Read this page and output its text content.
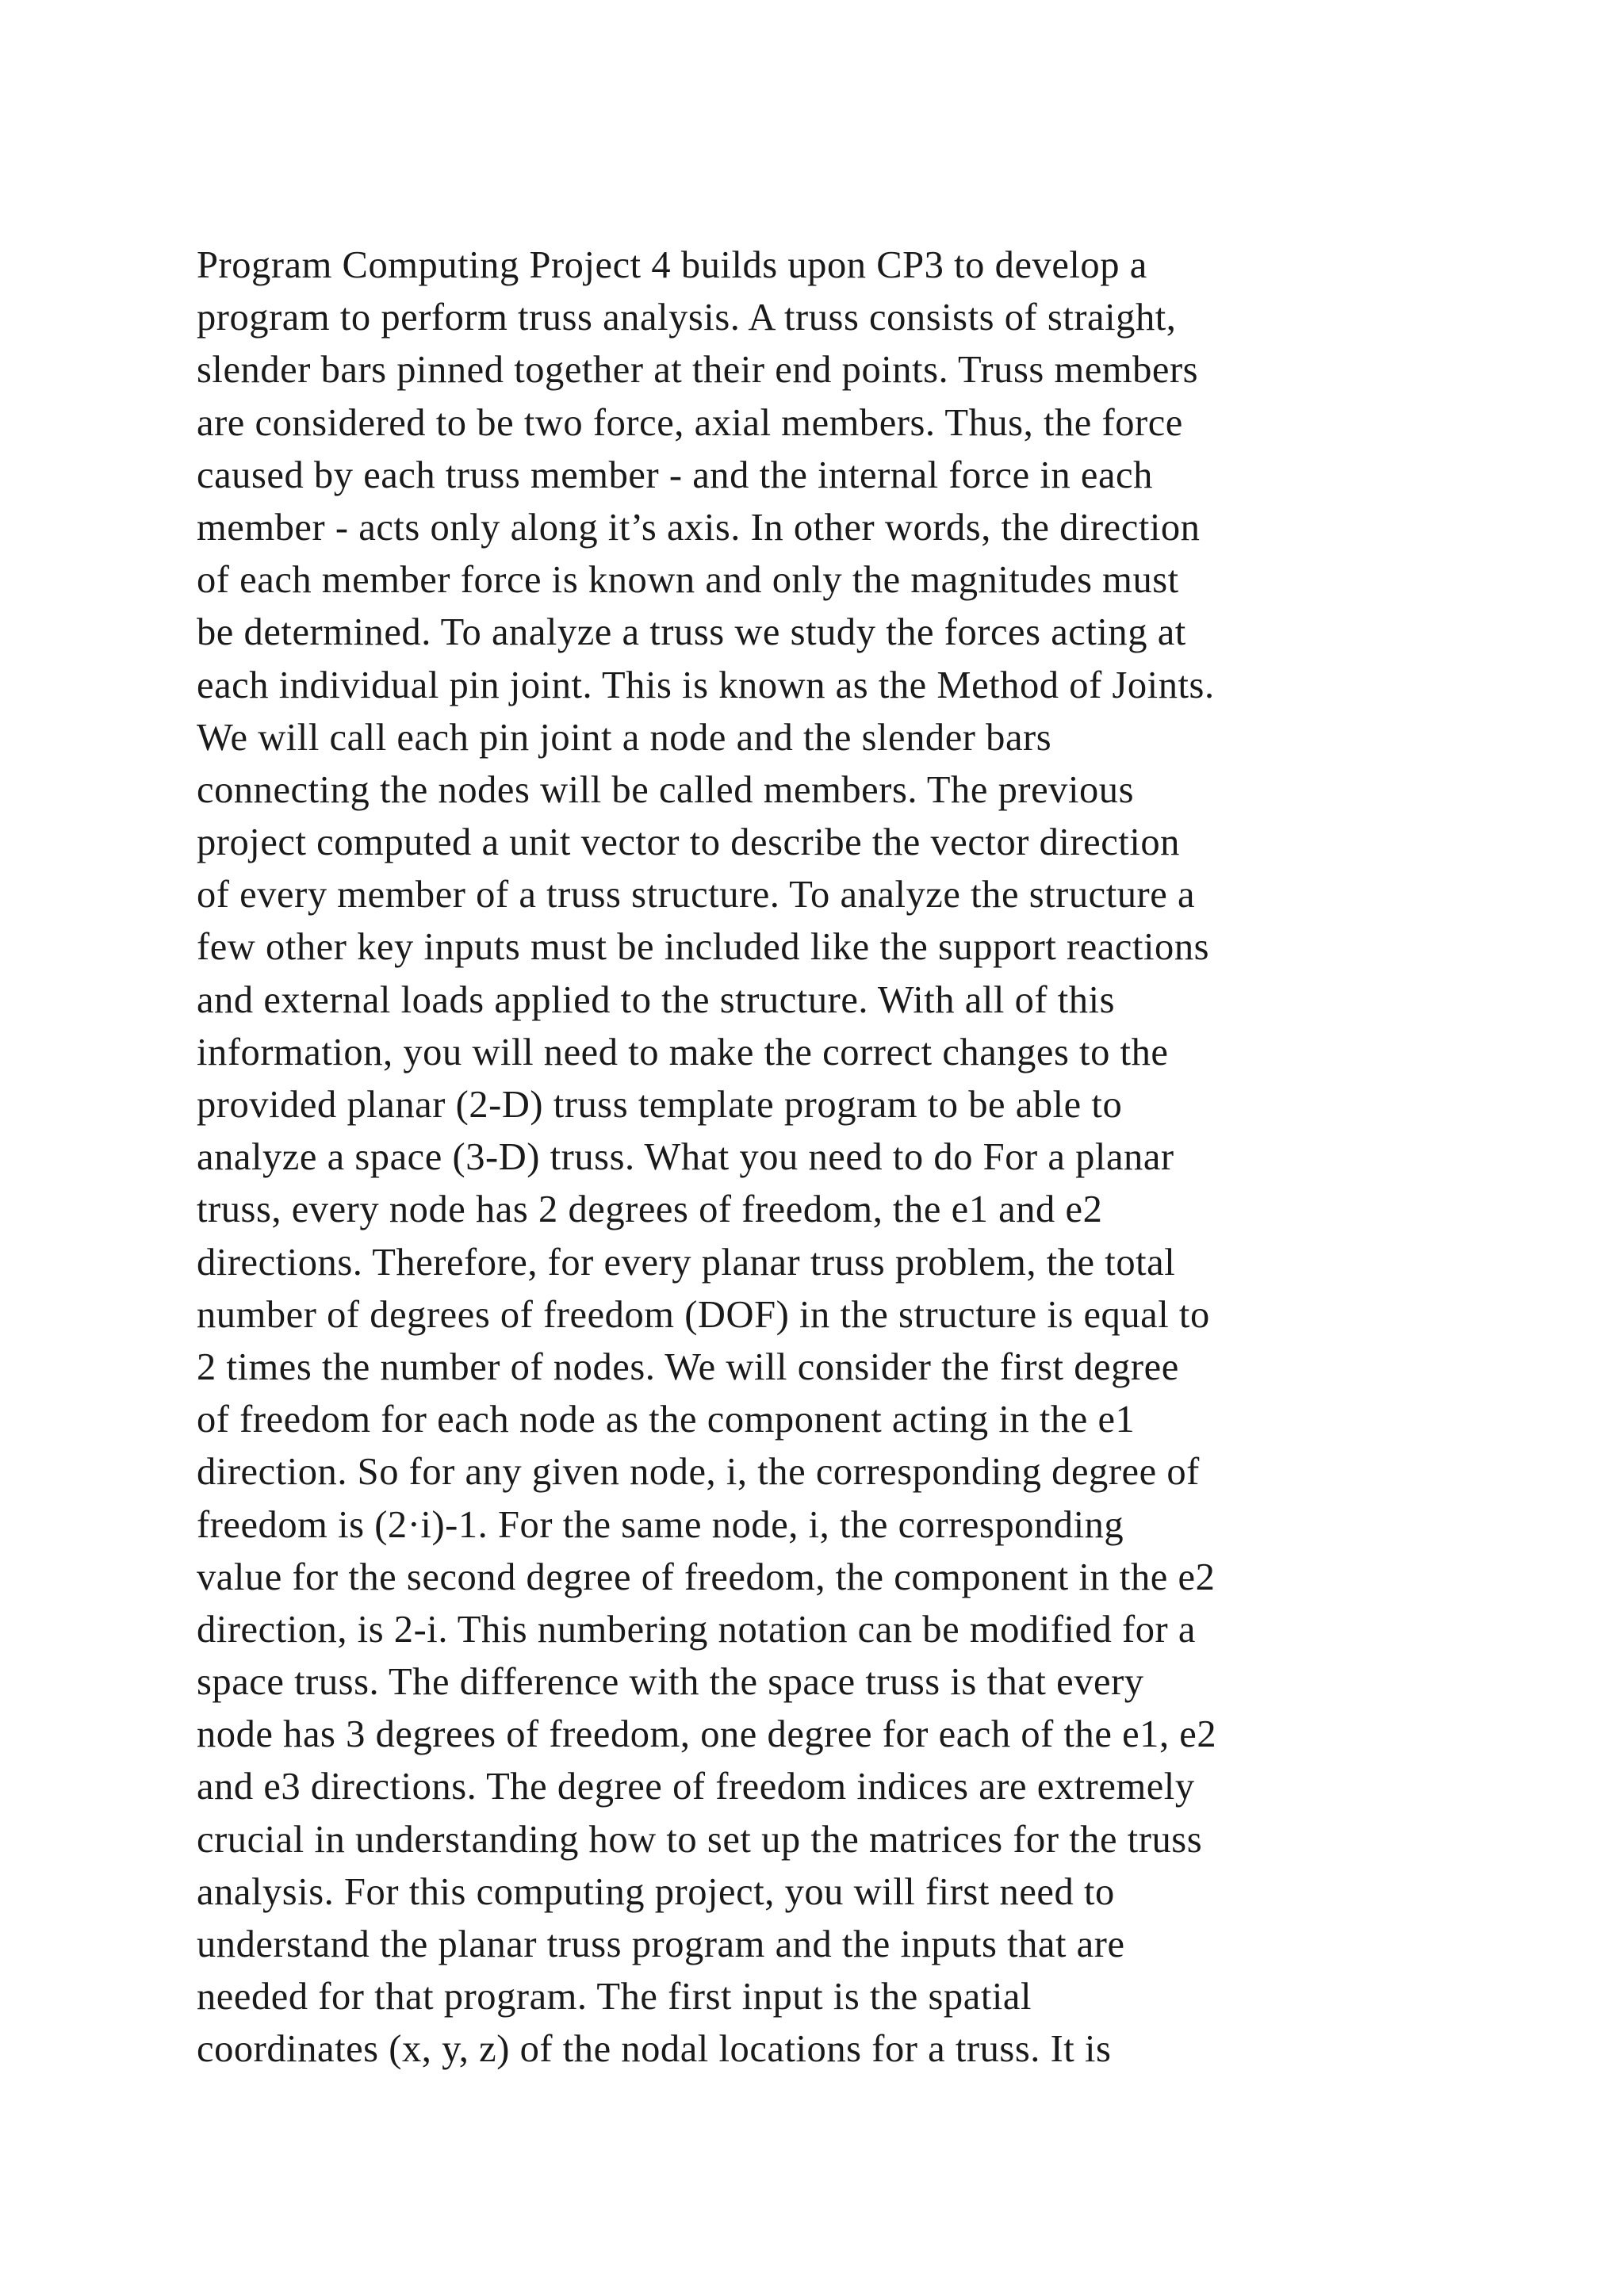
Program Computing Project 4 builds upon CP3 to develop a
program to perform truss analysis. A truss consists of straight,
slender bars pinned together at their end points. Truss members
are considered to be two force, axial members. Thus, the force
caused by each truss member - and the internal force in each
member - acts only along it’s axis. In other words, the direction
of each member force is known and only the magnitudes must
be determined. To analyze a truss we study the forces acting at
each individual pin joint. This is known as the Method of Joints.
We will call each pin joint a node and the slender bars
connecting the nodes will be called members. The previous
project computed a unit vector to describe the vector direction
of every member of a truss structure. To analyze the structure a
few other key inputs must be included like the support reactions
and external loads applied to the structure. With all of this
information, you will need to make the correct changes to the
provided planar (2-D) truss template program to be able to
analyze a space (3-D) truss. What you need to do For a planar
truss, every node has 2 degrees of freedom, the e1 and e2
directions. Therefore, for every planar truss problem, the total
number of degrees of freedom (DOF) in the structure is equal to
2 times the number of nodes. We will consider the first degree
of freedom for each node as the component acting in the e1
direction. So for any given node, i, the corresponding degree of
freedom is (2·i)-1. For the same node, i, the corresponding
value for the second degree of freedom, the component in the e2
direction, is 2-i. This numbering notation can be modified for a
space truss. The difference with the space truss is that every
node has 3 degrees of freedom, one degree for each of the e1, e2
and e3 directions. The degree of freedom indices are extremely
crucial in understanding how to set up the matrices for the truss
analysis. For this computing project, you will first need to
understand the planar truss program and the inputs that are
needed for that program. The first input is the spatial
coordinates (x, y, z) of the nodal locations for a truss. It is
